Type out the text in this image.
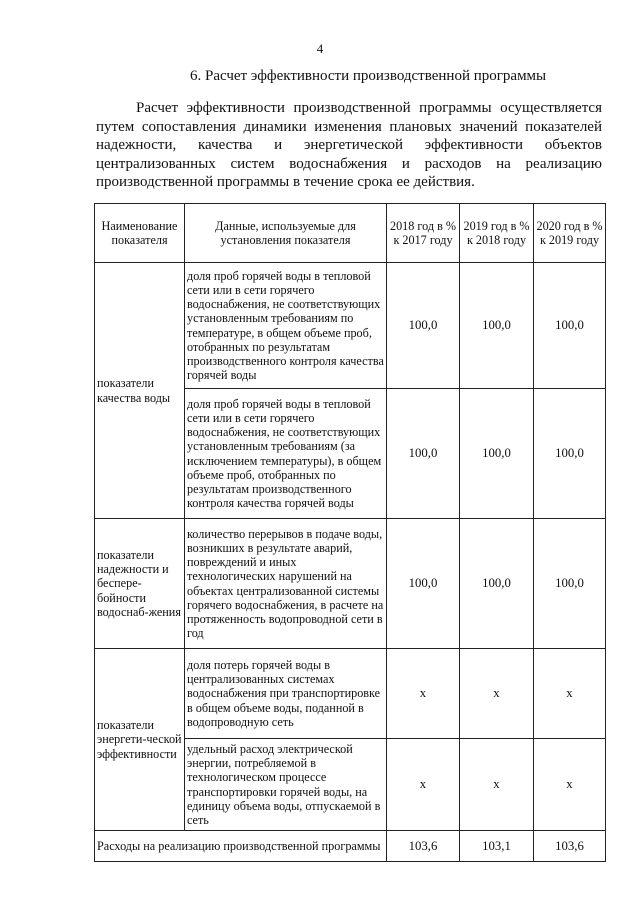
4
6. Расчет эффективности производственной программы

Расчет эффективности производственной программы осуществляется
путем сопоставления динамики изменения плановых значений показателей
надежности, качества и энергетической эффективности объектов
централизованных систем водоснабжения и расходов на реализацию
производственной программы в течение срока ее действия.

Наименование показателя	Данные, используемые для установления показателя	2018 год в % к 2017 году	2019 год в % к 2018 году	2020 год в % к 2019 году
показатели качества воды	доля проб горячей воды в тепловой сети или в сети горячего водоснабжения, не соответствующих установленным требованиям по температуре, в общем объеме проб, отобранных по результатам производственного контроля качества горячей воды	100,0	100,0	100,0
	доля проб горячей воды в тепловой сети или в сети горячего водоснабжения, не соответствующих установленным требованиям (за исключением температуры), в общем объеме проб, отобранных по результатам производственного контроля качества горячей воды	100,0	100,0	100,0
показатели надежности и беспере-бойности водоснаб-жения	количество перерывов в подаче воды, возникших в результате аварий, повреждений и иных технологических нарушений на объектах централизованной системы горячего водоснабжения, в расчете на протяженность водопроводной сети в год	100,0	100,0	100,0
показатели энергети-ческой эффективности	доля потерь горячей воды в централизованных системах водоснабжения при транспортировке в общем объеме воды, поданной в водопроводную сеть	х	х	х
	удельный расход электрической энергии, потребляемой в технологическом процессе транспортировки горячей воды, на единицу объема воды, отпускаемой в сеть	х	х	х
Расходы на реализацию производственной программы		103,6	103,1	103,6
